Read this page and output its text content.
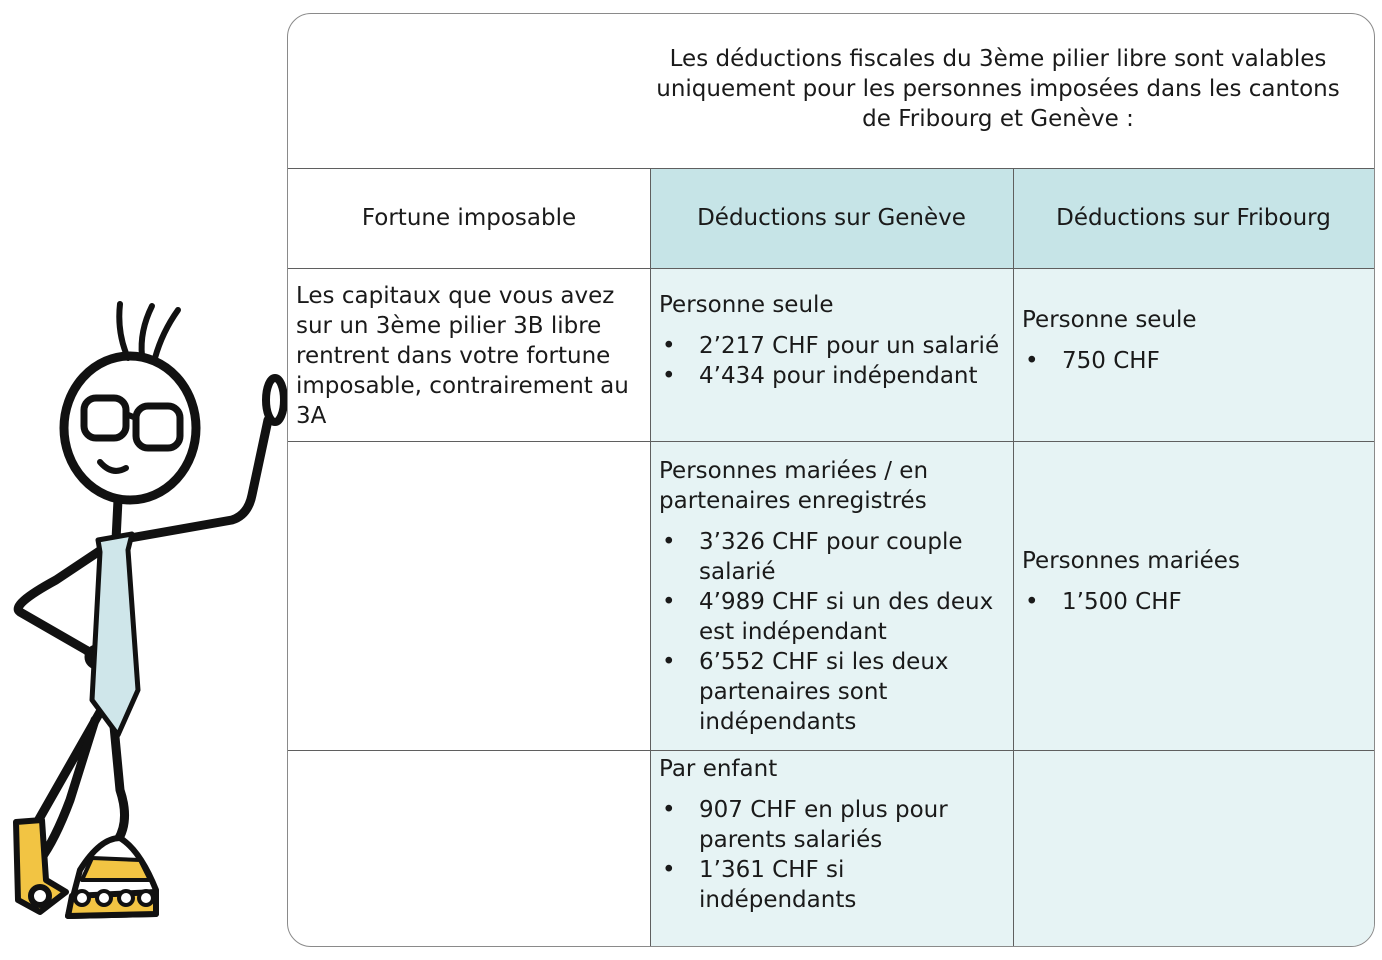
Les déductions fiscales du 3ème pilier libre sont valables uniquement pour les personnes imposées dans les cantons de Fribourg et Genève :
Fortune imposable	Déductions sur Genève	Déductions sur Fribourg
Les capitaux que vous avez sur un 3ème pilier 3B libre rentrent dans votre fortune imposable, contrairement au 3A
Personne seule
• 2’217 CHF pour un salarié
• 4’434 pour indépendant
Personnes mariées / en partenaires enregistrés
• 3’326 CHF pour couple salarié
• 4’989 CHF si un des deux est indépendant
• 6’552 CHF si les deux partenaires sont indépendants
Par enfant
• 907 CHF en plus pour parents salariés
• 1’361 CHF si indépendants
Personne seule
• 750 CHF
Personnes mariées
• 1’500 CHF
